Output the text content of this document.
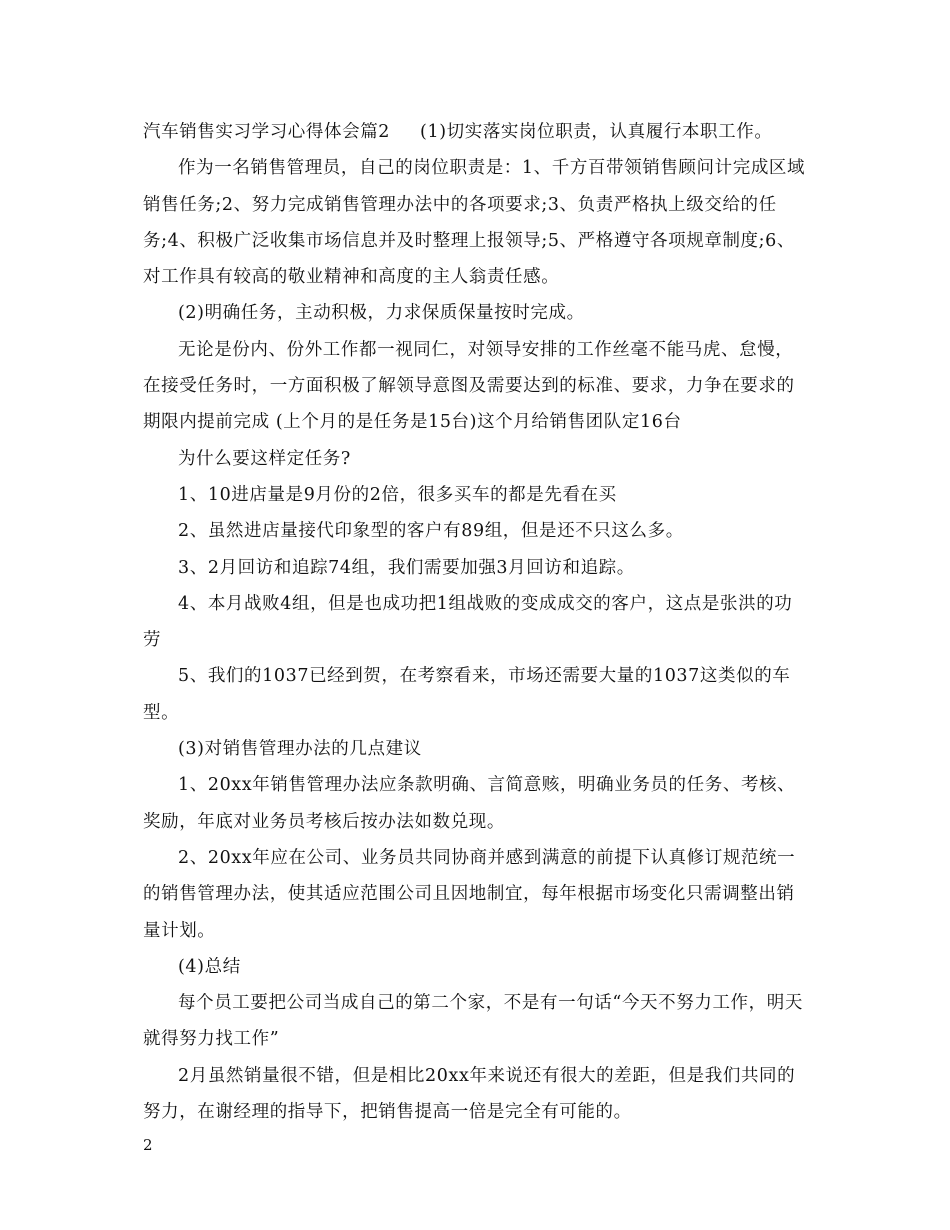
汽车销售实习学习心得体会篇2 (1)切实落实岗位职责，认真履行本职工作。

作为一名销售管理员，自己的岗位职责是：1、千方百带领销售顾问计完成区域销售任务;2、努力完成销售管理办法中的各项要求;3、负责严格执上级交给的任务;4、积极广泛收集市场信息并及时整理上报领导;5、严格遵守各项规章制度;6、对工作具有较高的敬业精神和高度的主人翁责任感。

(2)明确任务，主动积极，力求保质保量按时完成。

无论是份内、份外工作都一视同仁，对领导安排的工作丝毫不能马虎、怠慢，在接受任务时，一方面积极了解领导意图及需要达到的标准、要求，力争在要求的期限内提前完成 (上个月的是任务是15台)这个月给销售团队定16台

为什么要这样定任务?

1、10进店量是9月份的2倍，很多买车的都是先看在买

2、虽然进店量接代印象型的客户有89组，但是还不只这么多。

3、2月回访和追踪74组，我们需要加强3月回访和追踪。

4、本月战败4组，但是也成功把1组战败的变成成交的客户，这点是张洪的功劳

5、我们的1037已经到贺，在考察看来，市场还需要大量的1037这类似的车型。

(3)对销售管理办法的几点建议

1、20xx年销售管理办法应条款明确、言简意赅，明确业务员的任务、考核、奖励，年底对业务员考核后按办法如数兑现。

2、20xx年应在公司、业务员共同协商并感到满意的前提下认真修订规范统一的销售管理办法，使其适应范围公司且因地制宜，每年根据市场变化只需调整出销量计划。

(4)总结

每个员工要把公司当成自己的第二个家，不是有一句话“今天不努力工作，明天就得努力找工作”

2月虽然销量很不错，但是相比20xx年来说还有很大的差距，但是我们共同的努力，在谢经理的指导下，把销售提高一倍是完全有可能的。

2
